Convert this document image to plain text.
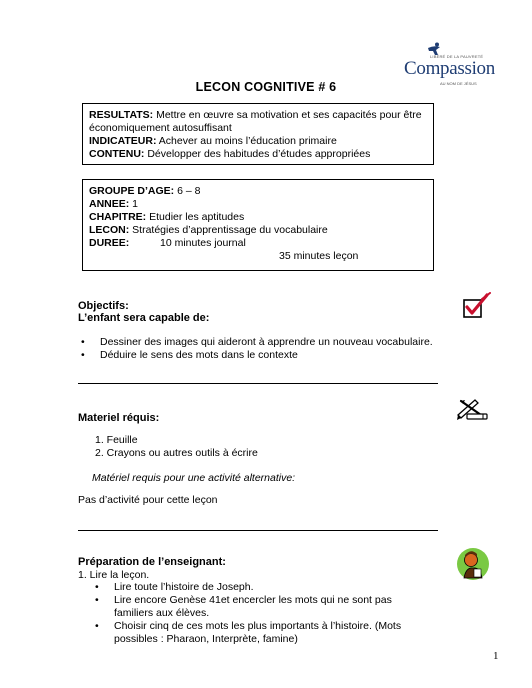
LIBÉRÉ DE LA PAUVRETÉ
Compassion
AU NOM DE JÉSUS
LECON COGNITIVE # 6
RESULTATS: Mettre en œuvre sa motivation et ses capacités pour être économiquement autosuffisant
INDICATEUR: Achever au moins l’éducation primaire
CONTENU: Développer des habitudes d’études appropriées
GROUPE D’AGE: 6 – 8
ANNEE: 1
CHAPITRE: Etudier les aptitudes
LECON: Stratégies d’apprentissage du vocabulaire
DUREE:	10 minutes journal
35 minutes leçon
Objectifs:
L’enfant sera capable de:
• Dessiner des images qui aideront à apprendre un nouveau vocabulaire.
• Déduire le sens des mots dans le contexte
Materiel réquis:
1. Feuille
2. Crayons ou autres outils à écrire
Matériel requis pour une activité alternative:
Pas d’activité pour cette leçon
Préparation de l’enseignant:
1. Lire la leçon.
• Lire toute l’histoire de Joseph.
• Lire encore Genèse 41et encercler les mots qui ne sont pas familiers aux élèves.
• Choisir cinq de ces mots les plus importants à l’histoire. (Mots possibles : Pharaon, Interprète, famine)
1
